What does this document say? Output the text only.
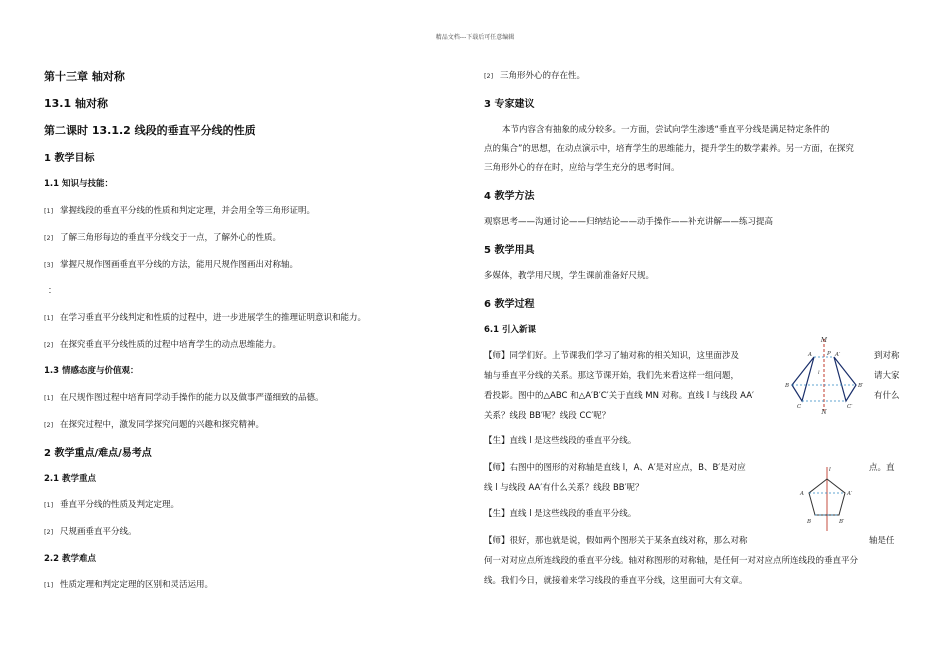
精品文档---下载后可任意编辑
第十三章 轴对称
13.1 轴对称
第二课时 13.1.2 线段的垂直平分线的性质
1 教学目标
1.1 知识与技能：
[1] 掌握线段的垂直平分线的性质和判定定理，并会用全等三角形证明。
[2] 了解三角形每边的垂直平分线交于一点，了解外心的性质。
[3] 掌握尺规作图画垂直平分线的方法，能用尺规作图画出对称轴。
：
[1] 在学习垂直平分线判定和性质的过程中，进一步进展学生的推理证明意识和能力。
[2] 在探究垂直平分线性质的过程中培育学生的动点思维能力。
1.3 情感态度与价值观：
[1] 在尺规作图过程中培育同学动手操作的能力以及做事严谨细致的品德。
[2] 在探究过程中，激发同学探究问题的兴趣和探究精神。
2 教学重点/难点/易考点
2.1 教学重点
[1] 垂直平分线的性质及判定定理。
[2] 尺规画垂直平分线。
2.2 教学难点
[1] 性质定理和判定定理的区别和灵活运用。
[2] 三角形外心的存在性。
3 专家建议
本节内容含有抽象的成分较多。一方面，尝试向学生渗透“垂直平分线是满足特定条件的
点的集合”的思想，在动点演示中，培育学生的思维能力，提升学生的数学素养。另一方面，在探究
三角形外心的存在时，应给与学生充分的思考时间。
4 教学方法
观察思考——沟通讨论——归纳结论——动手操作——补充讲解——练习提高
5 教学用具
多媒体，教学用尺规，学生课前准备好尺规。
6 教学过程
6.1 引入新课
【师】同学们好。上节课我们学习了轴对称的相关知识，这里面涉及
轴与垂直平分线的关系。那这节课开始，我们先来看这样一组问题，
看投影。图中的△ABC 和△A′B′C′关于直线 MN 对称。直线 l 与线段 AA′
关系？线段 BB′呢？线段 CC′呢？
到对称
请大家
有什么
【生】直线 l 是这些线段的垂直平分线。
【师】右图中的图形的对称轴是直线 l，A、A′是对应点，B、B′是对应
线 l 与线段 AA′有什么关系？线段 BB′呢？
点。直
【生】直线 l 是这些线段的垂直平分线。
【师】很好，那也就是说，假如两个图形关于某条直线对称，那么对称
何一对对应点所连线段的垂直平分线。轴对称图形的对称轴，是任何一对对应点所连线段的垂直平分
线。我们今日，就接着来学习线段的垂直平分线，这里面可大有文章。
轴是任
M
N
P
A
B
C
A′
B′
C′
l
l
A	A′
B	B′
